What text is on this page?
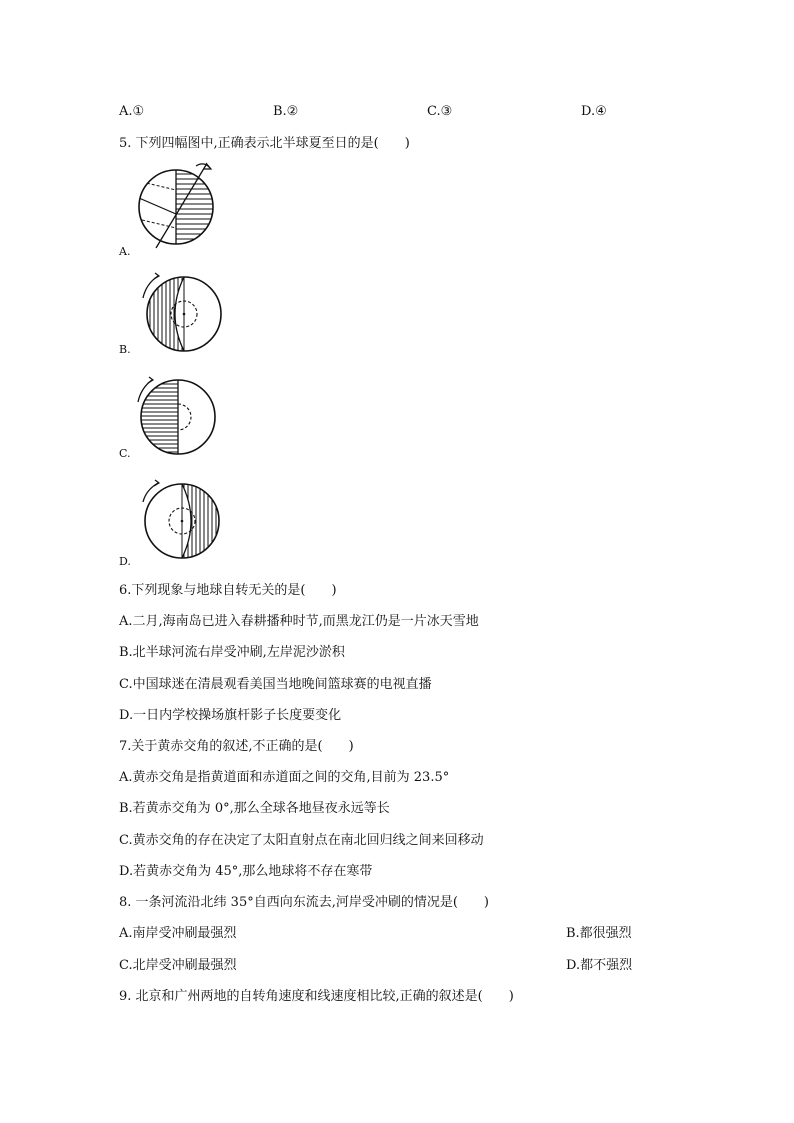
A.①	B.②	C.③	D.④
5. 下列四幅图中,正确表示北半球夏至日的是(　　)
A.
B.
C.
D.
6.下列现象与地球自转无关的是(　　)
A.二月,海南岛已进入春耕播种时节,而黑龙江仍是一片冰天雪地
B.北半球河流右岸受冲刷,左岸泥沙淤积
C.中国球迷在清晨观看美国当地晚间篮球赛的电视直播
D.一日内学校操场旗杆影子长度要变化
7.关于黄赤交角的叙述,不正确的是(　　)
A.黄赤交角是指黄道面和赤道面之间的交角,目前为 23.5°
B.若黄赤交角为 0°,那么全球各地昼夜永远等长
C.黄赤交角的存在决定了太阳直射点在南北回归线之间来回移动
D.若黄赤交角为 45°,那么地球将不存在寒带
8. 一条河流沿北纬 35°自西向东流去,河岸受冲刷的情况是(　　)
A.南岸受冲刷最强烈	B.都很强烈
C.北岸受冲刷最强烈	D.都不强烈
9. 北京和广州两地的自转角速度和线速度相比较,正确的叙述是(　　)
